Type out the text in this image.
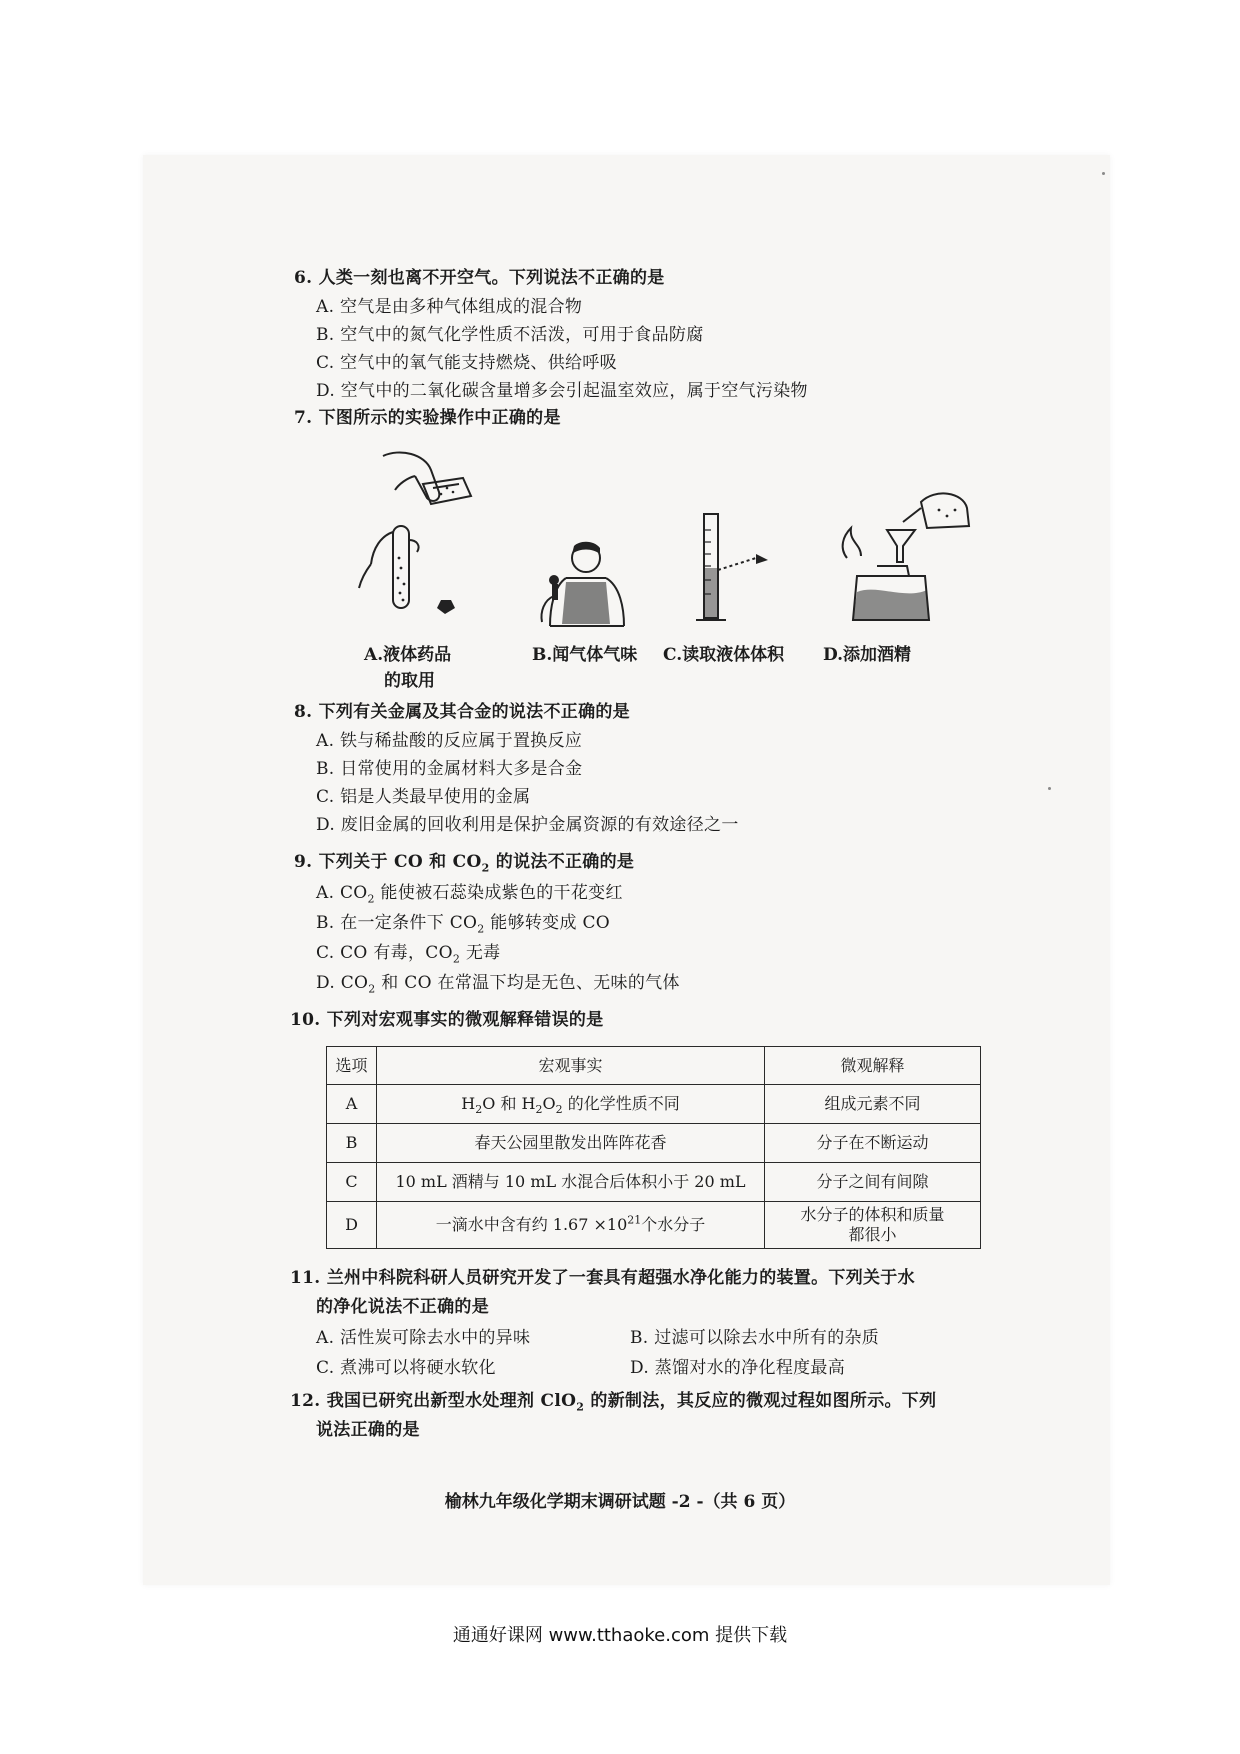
6. 人类一刻也离不开空气。下列说法不正确的是
A. 空气是由多种气体组成的混合物
B. 空气中的氮气化学性质不活泼，可用于食品防腐
C. 空气中的氧气能支持燃烧、供给呼吸
D. 空气中的二氧化碳含量增多会引起温室效应，属于空气污染物
7. 下图所示的实验操作中正确的是
A.液体药品
的取用
B.闻气体气味 C.读取液体体积 D.添加酒精
8. 下列有关金属及其合金的说法不正确的是
A. 铁与稀盐酸的反应属于置换反应
B. 日常使用的金属材料大多是合金
C. 铝是人类最早使用的金属
D. 废旧金属的回收利用是保护金属资源的有效途径之一
9. 下列关于 CO 和 $CO_2$ 的说法不正确的是
A. $CO_2$ 能使被石蕊染成紫色的干花变红
B. 在一定条件下 $CO_2$ 能够转变成 CO
C. CO 有毒，$CO_2$ 无毒
D. $CO_2$ 和 CO 在常温下均是无色、无味的气体
10. 下列对宏观事实的微观解释错误的是
选项	宏观事实	微观解释
A	$H_2O$ 和 $H_2O_2$ 的化学性质不同	组成元素不同
B	春天公园里散发出阵阵花香	分子在不断运动
C	10 mL 酒精与 10 mL 水混合后体积小于 20 mL	分子之间有间隙
D	一滴水中含有约 $1.67 \times 10^{21}$个水分子	水分子的体积和质量
都很小
11. 兰州中科院科研人员研究开发了一套具有超强水净化能力的装置。下列关于水
的净化说法不正确的是
A. 活性炭可除去水中的异味	B. 过滤可以除去水中所有的杂质
C. 煮沸可以将硬水软化	D. 蒸馏对水的净化程度最高
12. 我国已研究出新型水处理剂 ClO$_2$ 的新制法，其反应的微观过程如图所示。下列
说法正确的是
榆林九年级化学期末调研试题 -2 -（共 6 页）
通通好课网 www.tthaoke.com 提供下载
